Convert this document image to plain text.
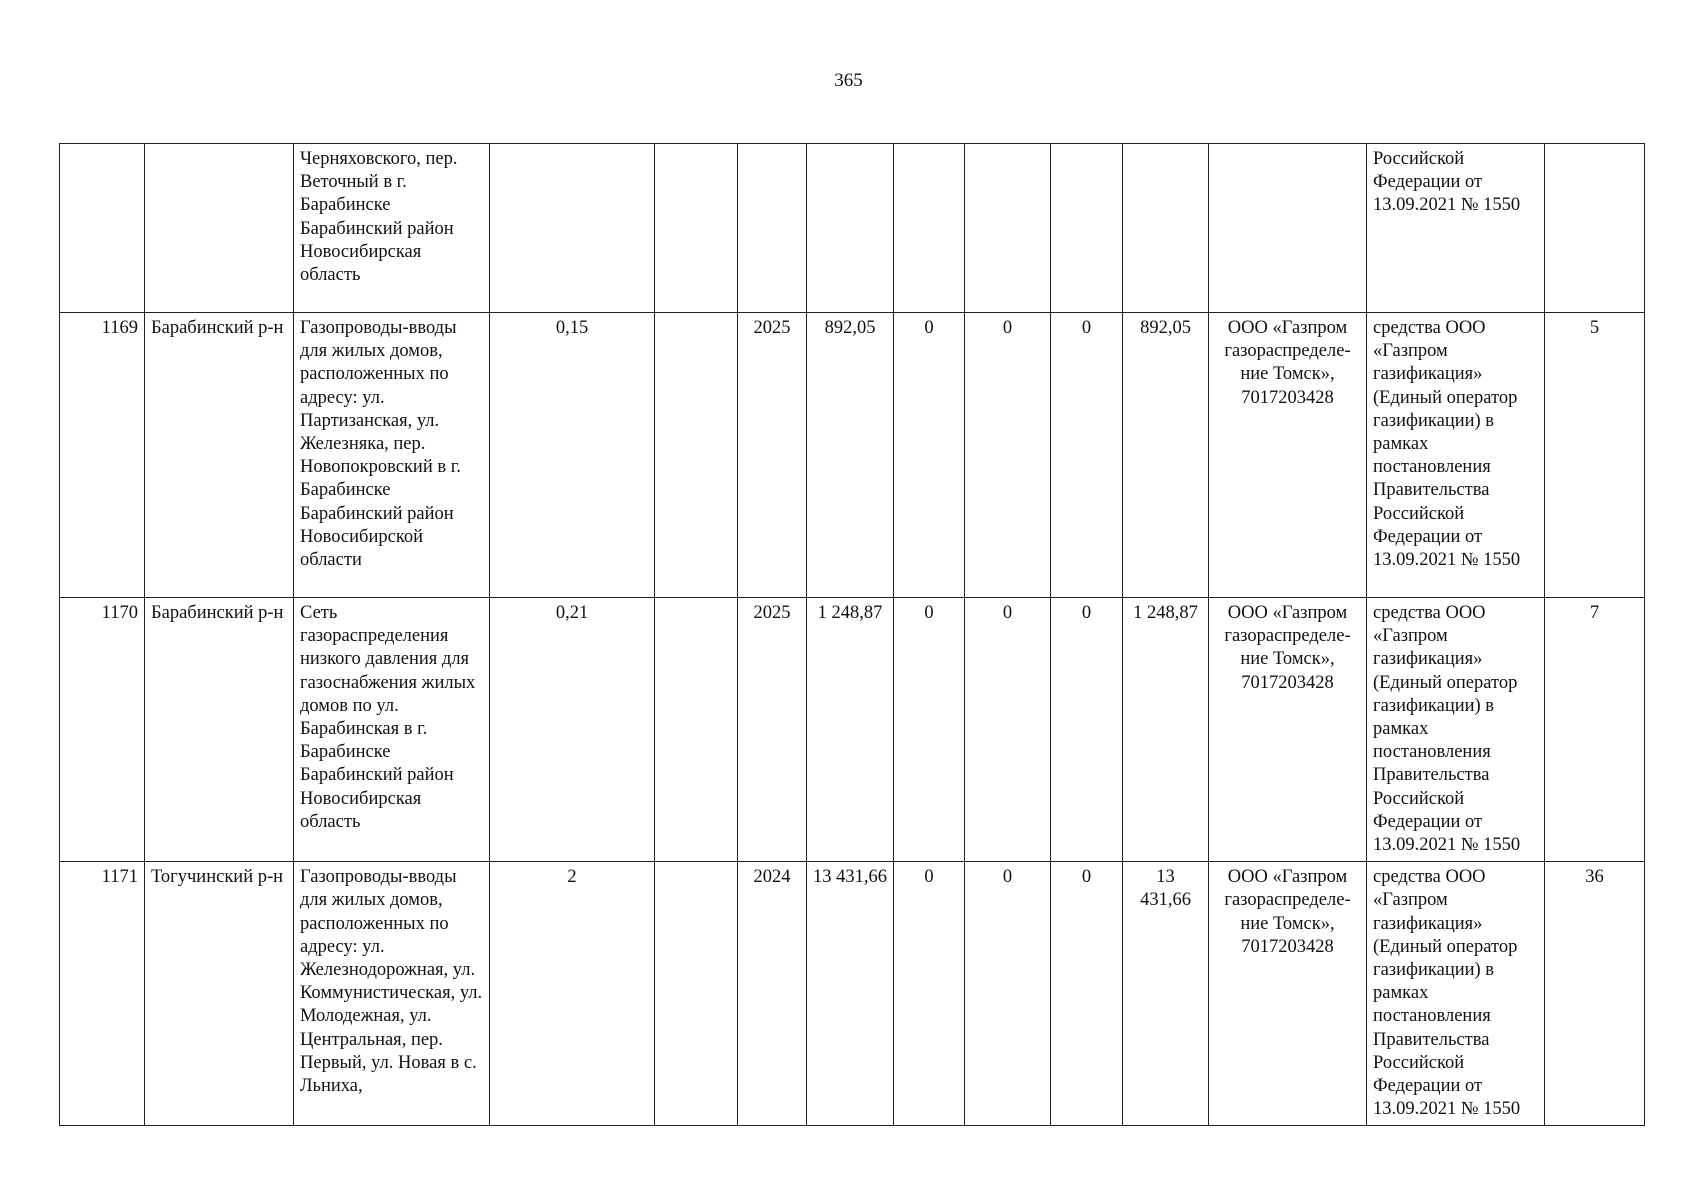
365
		Черняховского, пер. Веточный в г. Барабинске Барабинский район Новосибирская область										Российской Федерации от 13.09.2021 № 1550	
1169	Барабинский р-н	Газопроводы-вводы для жилых домов, расположенных по адресу: ул. Партизанская, ул. Железняка, пер. Новопокровский в г. Барабинске Барабинский район Новосибирской области	0,15		2025	892,05	0	0	0	892,05	ООО «Газпром газораспределе-ние Томск», 7017203428	средства ООО «Газпром газификация» (Единый оператор газификации) в рамках постановления Правительства Российской Федерации от 13.09.2021 № 1550	5
1170	Барабинский р-н	Сеть газораспределения низкого давления для газоснабжения жилых домов по ул. Барабинская в г. Барабинске Барабинский район Новосибирская область	0,21		2025	1 248,87	0	0	0	1 248,87	ООО «Газпром газораспределе-ние Томск», 7017203428	средства ООО «Газпром газификация» (Единый оператор газификации) в рамках постановления Правительства Российской Федерации от 13.09.2021 № 1550	7
1171	Тогучинский р-н	Газопроводы-вводы для жилых домов, расположенных по адресу: ул. Железнодорожная, ул. Коммунистическая, ул. Молодежная, ул. Центральная, пер. Первый, ул. Новая в с. Льниха,	2		2024	13 431,66	0	0	0	13 431,66	ООО «Газпром газораспределе-ние Томск», 7017203428	средства ООО «Газпром газификация» (Единый оператор газификации) в рамках постановления Правительства Российской Федерации от 13.09.2021 № 1550	36
